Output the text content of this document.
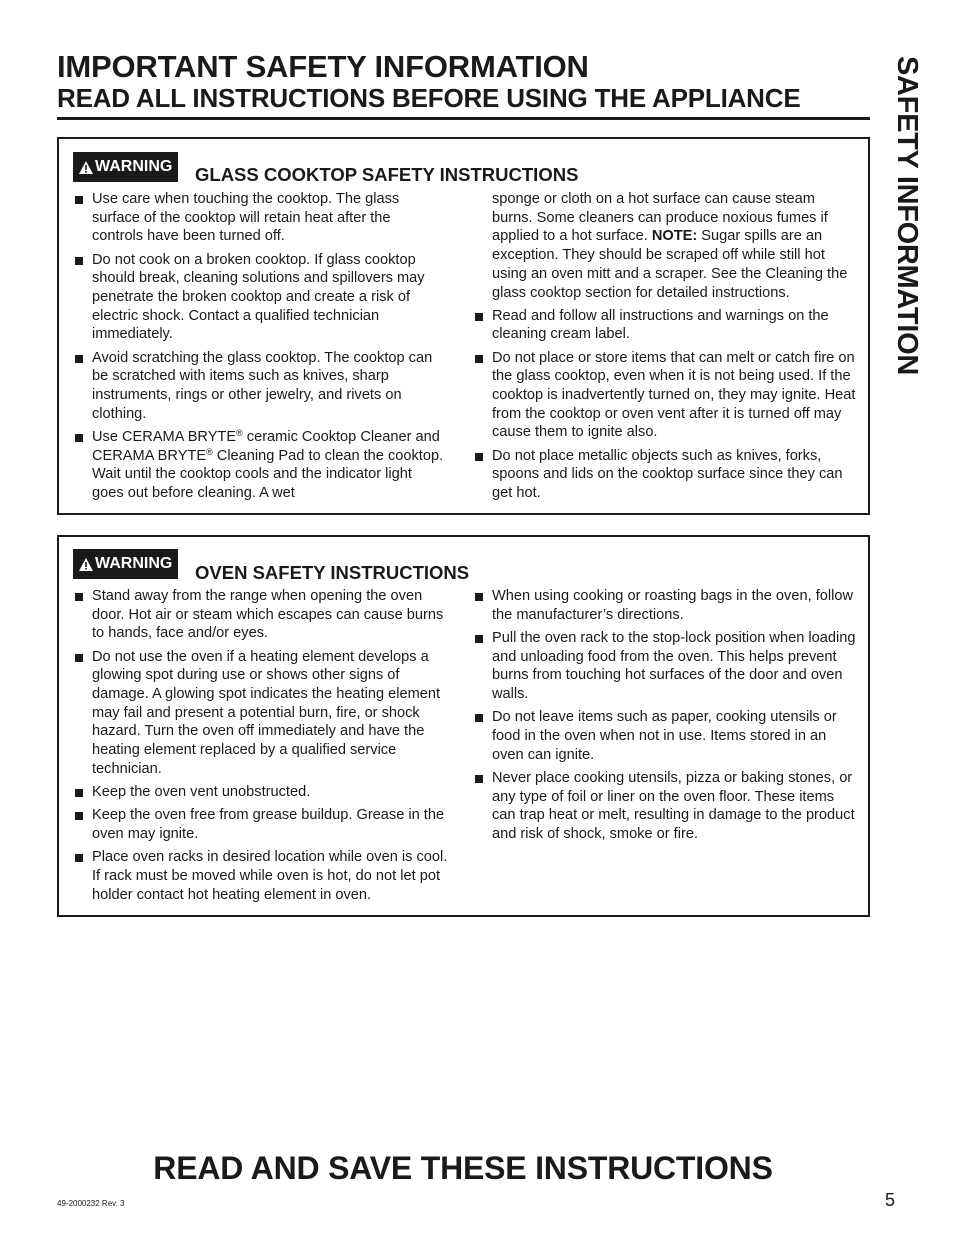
IMPORTANT SAFETY INFORMATION
READ ALL INSTRUCTIONS BEFORE USING THE APPLIANCE	SAFETY INFORMATION
WARNING GLASS COOKTOP SAFETY INSTRUCTIONS
Use care when touching the cooktop. The glass surface of the cooktop will retain heat after the controls have been turned off.
Do not cook on a broken cooktop. If glass cooktop should break, cleaning solutions and spillovers may penetrate the broken cooktop and create a risk of electric shock. Contact a qualified technician immediately.
Avoid scratching the glass cooktop. The cooktop can be scratched with items such as knives, sharp instruments, rings or other jewelry, and rivets on clothing.
Use CERAMA BRYTE® ceramic Cooktop Cleaner and CERAMA BRYTE® Cleaning Pad to clean the cooktop. Wait until the cooktop cools and the indicator light goes out before cleaning. A wet
sponge or cloth on a hot surface can cause steam burns. Some cleaners can produce noxious fumes if applied to a hot surface. NOTE: Sugar spills are an exception. They should be scraped off while still hot using an oven mitt and a scraper. See the Cleaning the glass cooktop section for detailed instructions.
Read and follow all instructions and warnings on the cleaning cream label.
Do not place or store items that can melt or catch fire on the glass cooktop, even when it is not being used. If the cooktop is inadvertently turned on, they may ignite. Heat from the cooktop or oven vent after it is turned off may cause them to ignite also.
Do not place metallic objects such as knives, forks, spoons and lids on the cooktop surface since they can get hot.
WARNING OVEN SAFETY INSTRUCTIONS
Stand away from the range when opening the oven door. Hot air or steam which escapes can cause burns to hands, face and/or eyes.
Do not use the oven if a heating element develops a glowing spot during use or shows other signs of damage. A glowing spot indicates the heating element may fail and present a potential burn, fire, or shock hazard. Turn the oven off immediately and have the heating element replaced by a qualified service technician.
Keep the oven vent unobstructed.
Keep the oven free from grease buildup. Grease in the oven may ignite.
Place oven racks in desired location while oven is cool. If rack must be moved while oven is hot, do not let pot holder contact hot heating element in oven.
When using cooking or roasting bags in the oven, follow the manufacturer’s directions.
Pull the oven rack to the stop-lock position when loading and unloading food from the oven. This helps prevent burns from touching hot surfaces of the door and oven walls.
Do not leave items such as paper, cooking utensils or food in the oven when not in use. Items stored in an oven can ignite.
Never place cooking utensils, pizza or baking stones, or any type of foil or liner on the oven floor. These items can trap heat or melt, resulting in damage to the product and risk of shock, smoke or fire.
READ AND SAVE THESE INSTRUCTIONS
49-2000232 Rev. 3	5
